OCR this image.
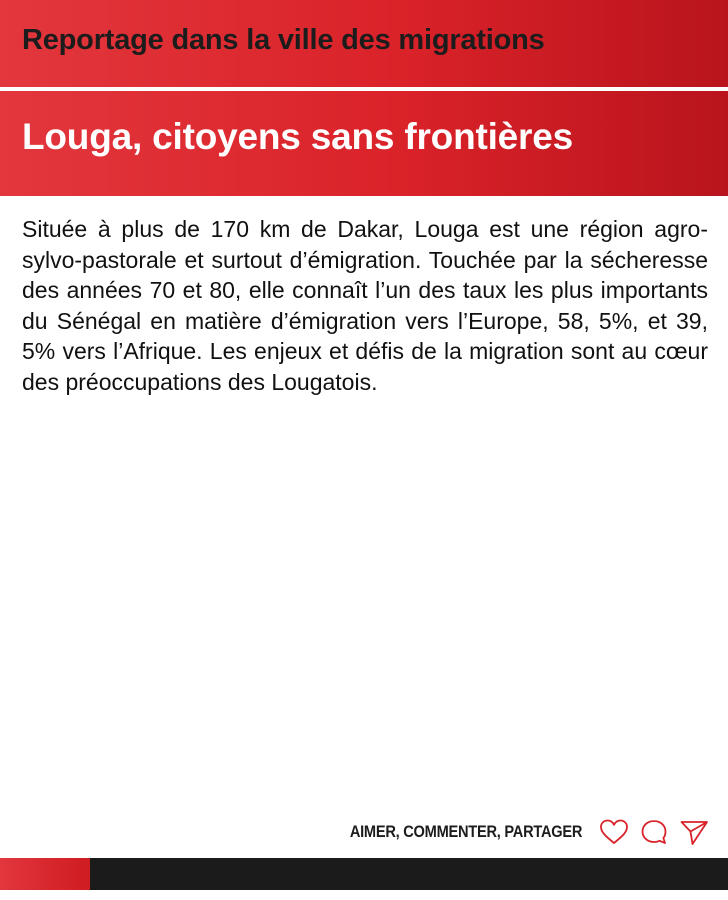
Reportage dans la ville des migrations
Louga, citoyens sans frontières
Située à plus de 170 km de Dakar, Louga est une région agro-sylvo-pastorale et surtout d’émigration. Touchée par la sécheresse des années 70 et 80, elle connaît l’un des taux les plus importants du Sénégal en matière d’émigration vers l’Europe, 58, 5%, et 39, 5% vers l’Afrique. Les enjeux et défis de la migration sont au cœur des préoccupations des Lougatois.
AIMER, COMMENTER, PARTAGER
